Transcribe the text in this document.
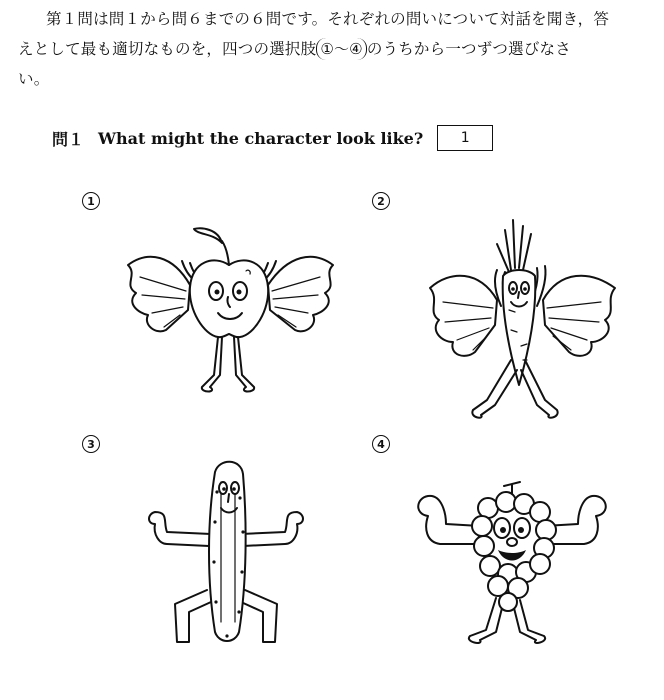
第１問は問１から問６までの６問です。それぞれの問いについて対話を聞き，答
えとして最も適切なものを，四つの選択肢 ①～④ のうちから一つずつ選びなさ
い。
問１ What might the character look like?	1
1	2
3	4
